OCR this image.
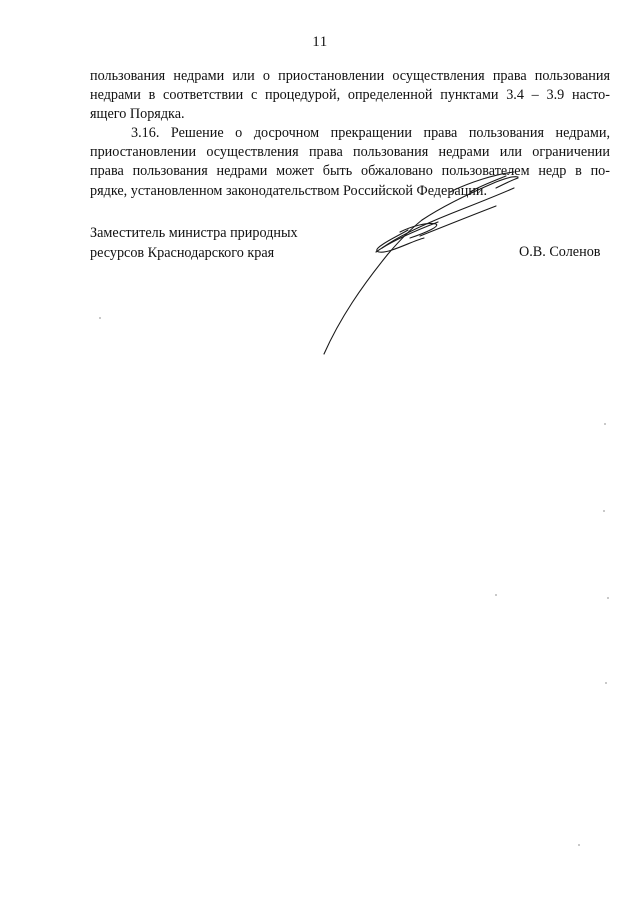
11
пользования недрами или о приостановлении осуществления права пользования
недрами в соответствии с процедурой, определенной пунктами 3.4 – 3.9 насто-
ящего Порядка.
3.16. Решение о досрочном прекращении права пользования недрами,
приостановлении осуществления права пользования недрами или ограничении
права пользования недрами может быть обжаловано пользователем недр в по-
рядке, установленном законодательством Российской Федерации.
Заместитель министра природных
ресурсов Краснодарского края	О.В. Соленов
